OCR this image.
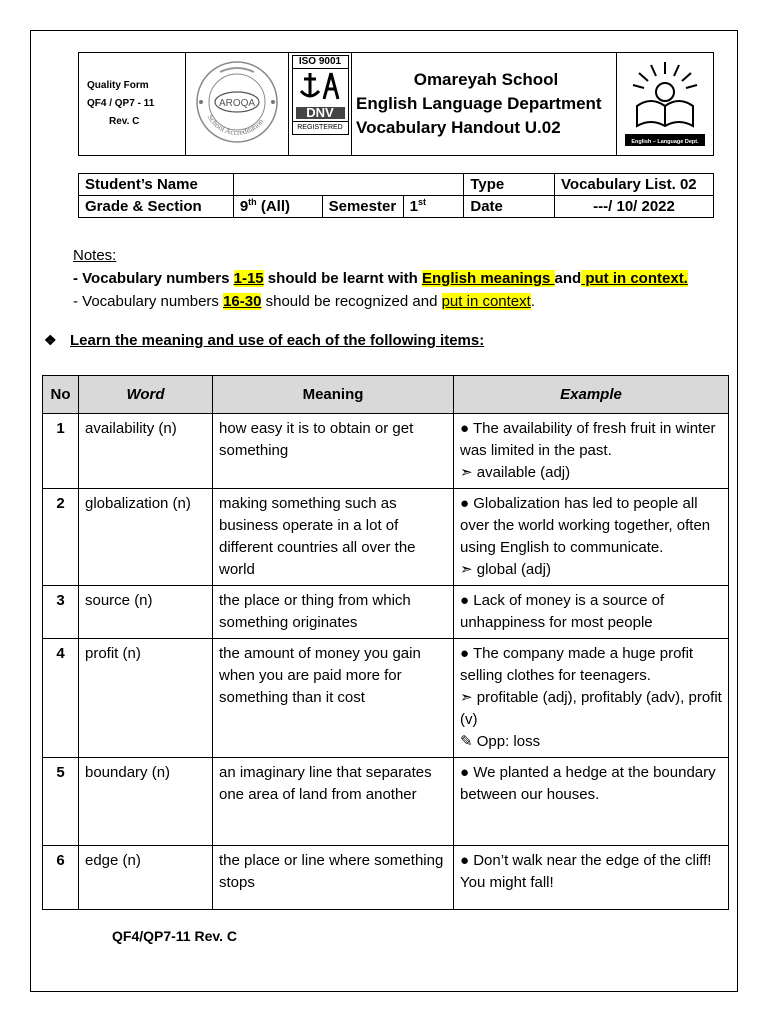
Quality Form
QF4 / QP7 - 11
Rev. C

AROQA
School Accreditation

ISO 9001
DNV
REGISTERED

Omareyah School
English Language Department
Vocabulary Handout U.02

English – Language Dept.
Student’s Name				Type	Vocabulary List. 02
Grade & Section	9th (All)	Semester	1st	Date	---/ 10/ 2022
Notes:
- Vocabulary numbers 1-15 should be learnt with English meanings and put in context.
- Vocabulary numbers 16-30 should be recognized and put in context.
❖ Learn the meaning and use of each of the following items:
No	Word	Meaning	Example
1	availability (n)	how easy it is to obtain or get something	● The availability of fresh fruit in winter was limited in the past.
➣ available (adj)

2	globalization (n)	making something such as business operate in a lot of different countries all over the world	● Globalization has led to people all over the world working together, often using English to communicate.
➣ global (adj)

3	source (n)	the place or thing from which something originates	● Lack of money is a source of unhappiness for most people

4	profit (n)	the amount of money you gain when you are paid more for something than it cost	● The company made a huge profit selling clothes for teenagers.
➣ profitable (adj), profitably (adv), profit (v)
✎ Opp: loss

5	boundary (n)	an imaginary line that separates one area of land from another	● We planted a hedge at the boundary between our houses.

6	edge (n)	the place or line where something stops	● Don’t walk near the edge of the cliff! You might fall!
QF4/QP7-11 Rev. C
